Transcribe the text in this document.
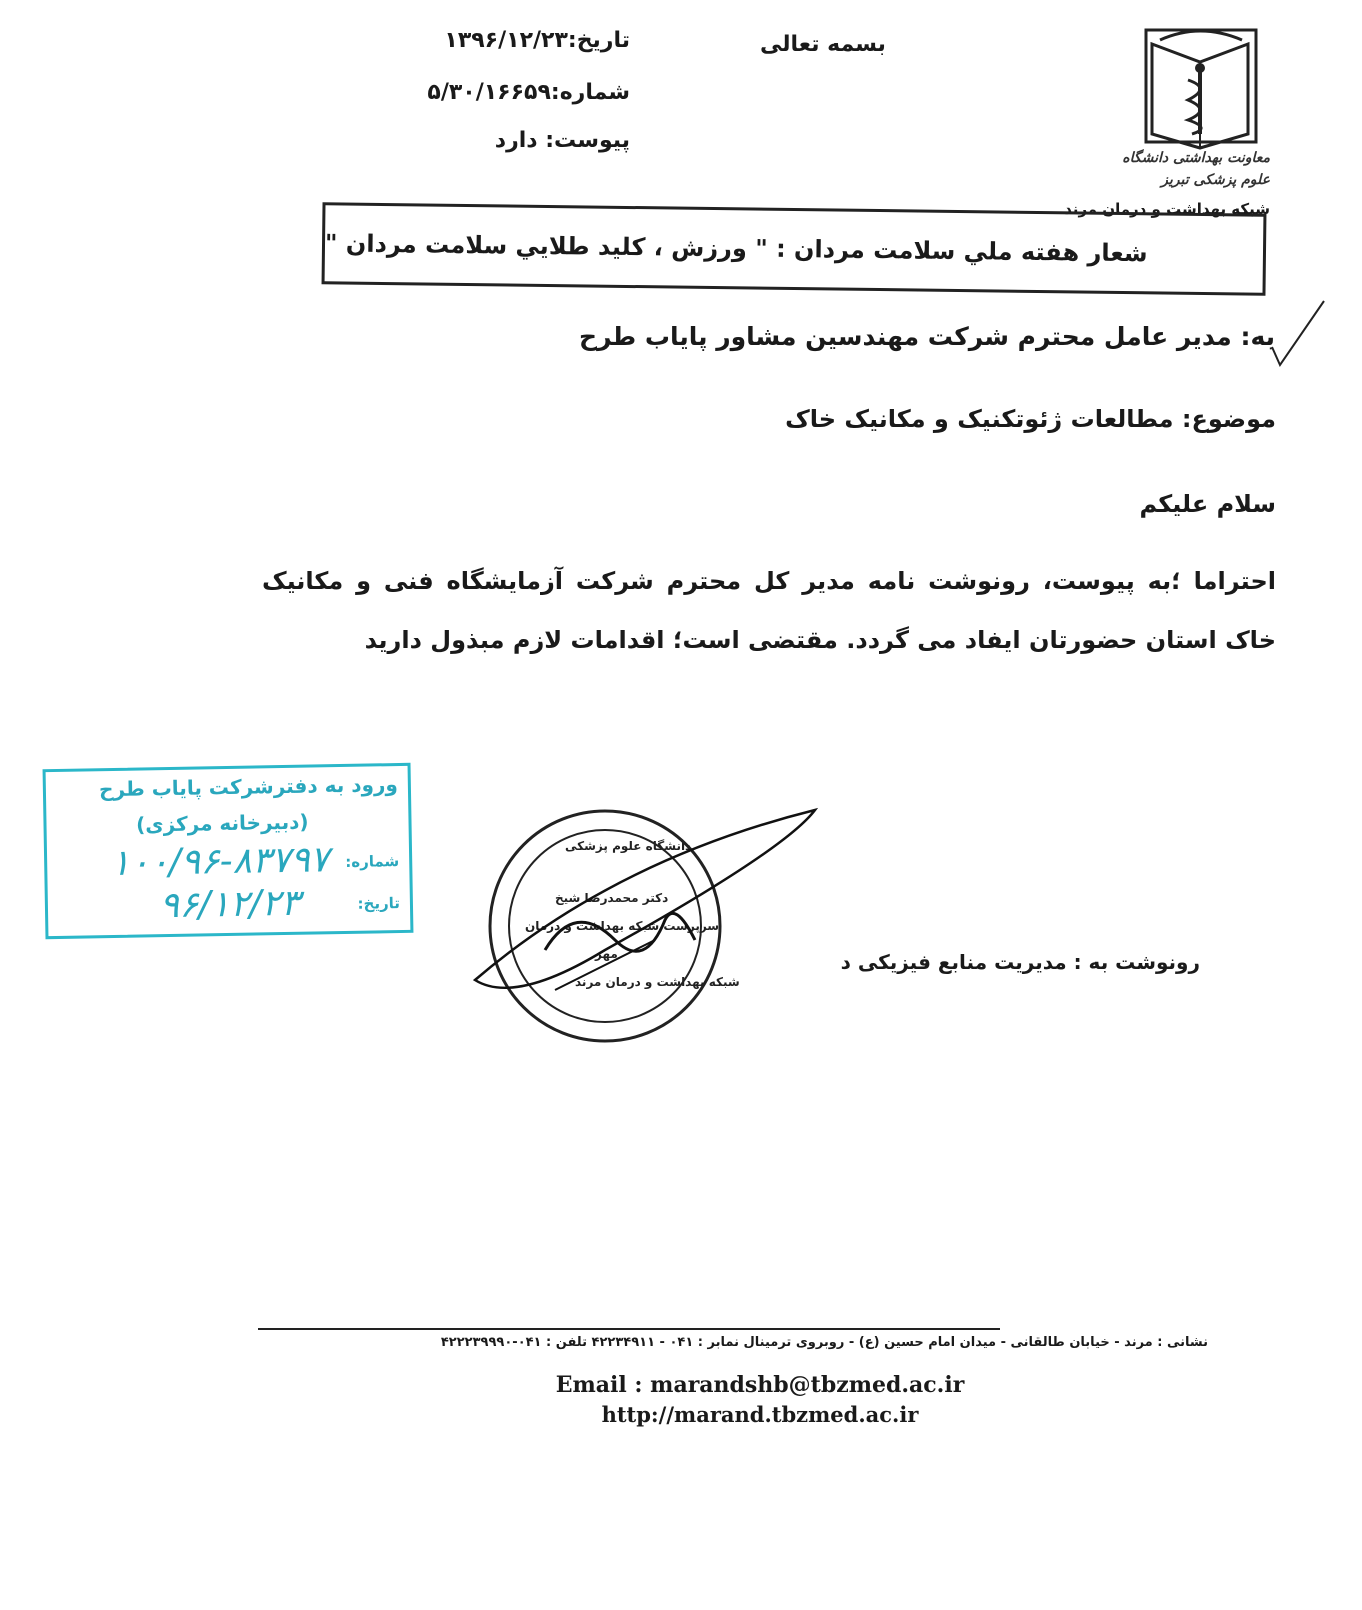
بسمه تعالی
تاریخ:۱۳۹۶/۱۲/۲۳
شماره:۵/۳۰/۱۶۶۵۹
پیوست: دارد
معاونت بهداشتی دانشگاه
علوم پزشکی تبریز
شبکه بهداشت و درمان مرند
شعار هفته ملي سلامت مردان : " ورزش ، کليد طلايي سلامت مردان "
به: مدیر عامل محترم شرکت مهندسین مشاور پایاب طرح
موضوع: مطالعات ژئوتکنیک و مکانیک خاک
سلام علیکم
احتراما ؛به پیوست، رونوشت نامه مدیر کل محترم شرکت آزمایشگاه فنی و مکانیک خاک استان حضورتان ایفاد می گردد. مقتضی است؛ اقدامات لازم مبذول دارید
رونوشت به : مدیریت منابع فیزیکی د
ورود به دفترشرکت پایاب طرح
(دبیرخانه مرکزی)
شماره:
۱۰۰/۹۶-۸۳۷۹۷
تاریخ:
۹۶/۱۲/۲۳
دانشگاه علوم پزشکی
دکتر محمدرضا شیخ
سرپرست شبکه بهداشت و درمان
مهر
شبکه بهداشت و درمان مرند
نشانی : مرند - خیابان طالقانی - میدان امام حسین (ع) - روبروی ترمینال نمابر : ۰۴۱ - ۴۲۲۳۴۹۱۱ تلفن : ۰۴۱-۴۲۲۲۳۹۹۹۰
Email : marandshb@tbzmed.ac.ir
http://marand.tbzmed.ac.ir
